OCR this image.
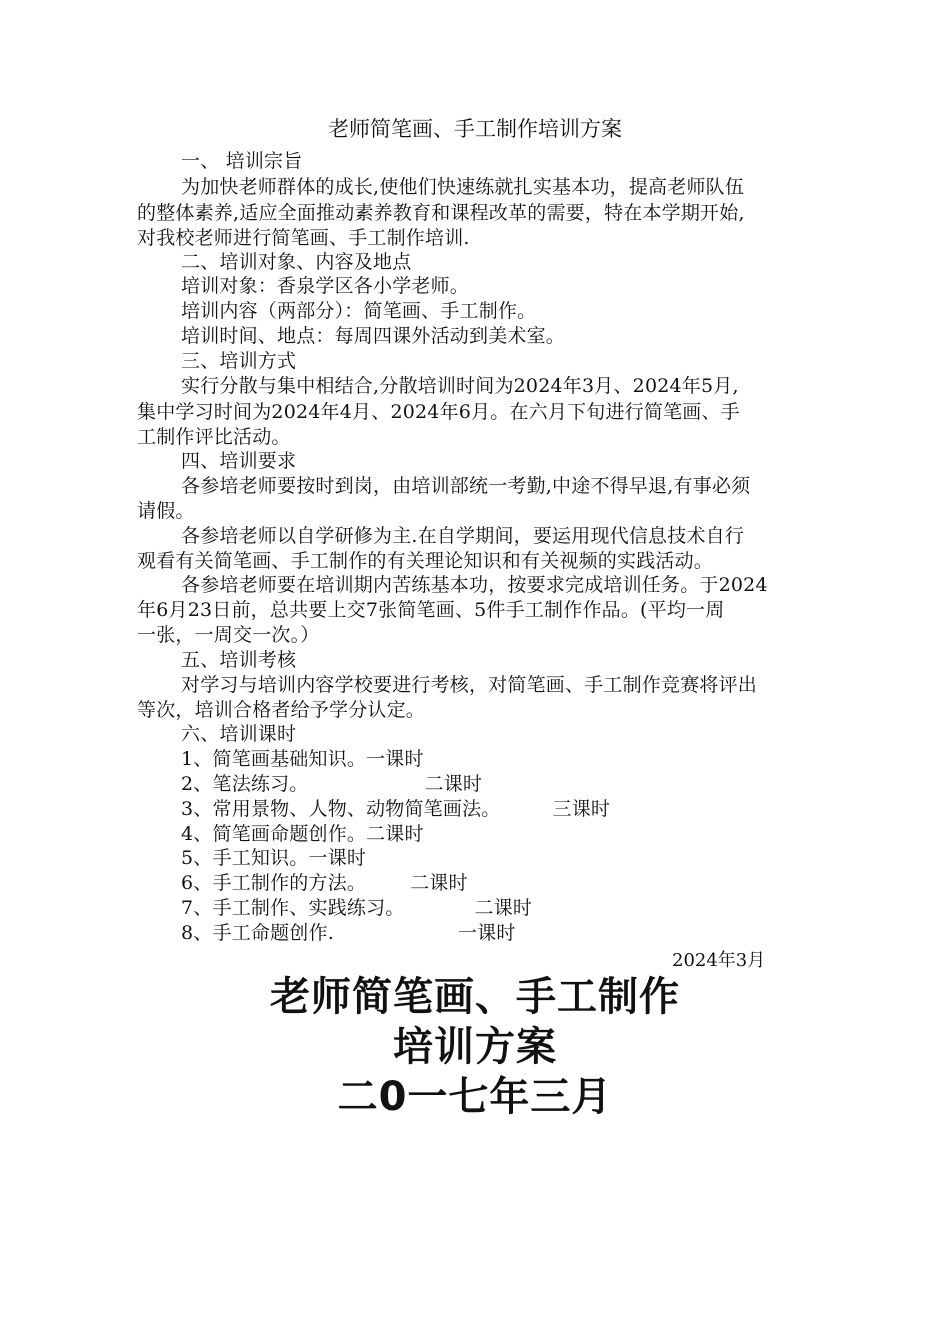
老师简笔画、手工制作培训方案
一、 培训宗旨
为加快老师群体的成长,使他们快速练就扎实基本功，提高老师队伍
的整体素养,适应全面推动素养教育和课程改革的需要，特在本学期开始,
对我校老师进行简笔画、手工制作培训.
二、培训对象、内容及地点
培训对象：香泉学区各小学老师。
培训内容（两部分）：简笔画、手工制作。
培训时间、地点：每周四课外活动到美术室。
三、培训方式
实行分散与集中相结合,分散培训时间为2024年3月、2024年5月,
集中学习时间为2024年4月、2024年6月。在六月下旬进行简笔画、手
工制作评比活动。
四、培训要求
各参培老师要按时到岗，由培训部统一考勤,中途不得早退,有事必须
请假。
各参培老师以自学研修为主.在自学期间，要运用现代信息技术自行
观看有关简笔画、手工制作的有关理论知识和有关视频的实践活动。
各参培老师要在培训期内苦练基本功，按要求完成培训任务。于2024
年6月23日前，总共要上交7张简笔画、5件手工制作作品。(平均一周
一张，一周交一次。）
五、培训考核
对学习与培训内容学校要进行考核，对简笔画、手工制作竞赛将评出
等次，培训合格者给予学分认定。
六、培训课时
1、简笔画基础知识。一课时
2、笔法练习。	二课时
3、常用景物、人物、动物简笔画法。	三课时
4、简笔画命题创作。二课时
5、手工知识。一课时
6、手工制作的方法。 二课时
7、手工制作、实践练习。	二课时
8、手工命题创作.	一课时
2024年3月
老师简笔画、手工制作
培训方案
二0一七年三月
